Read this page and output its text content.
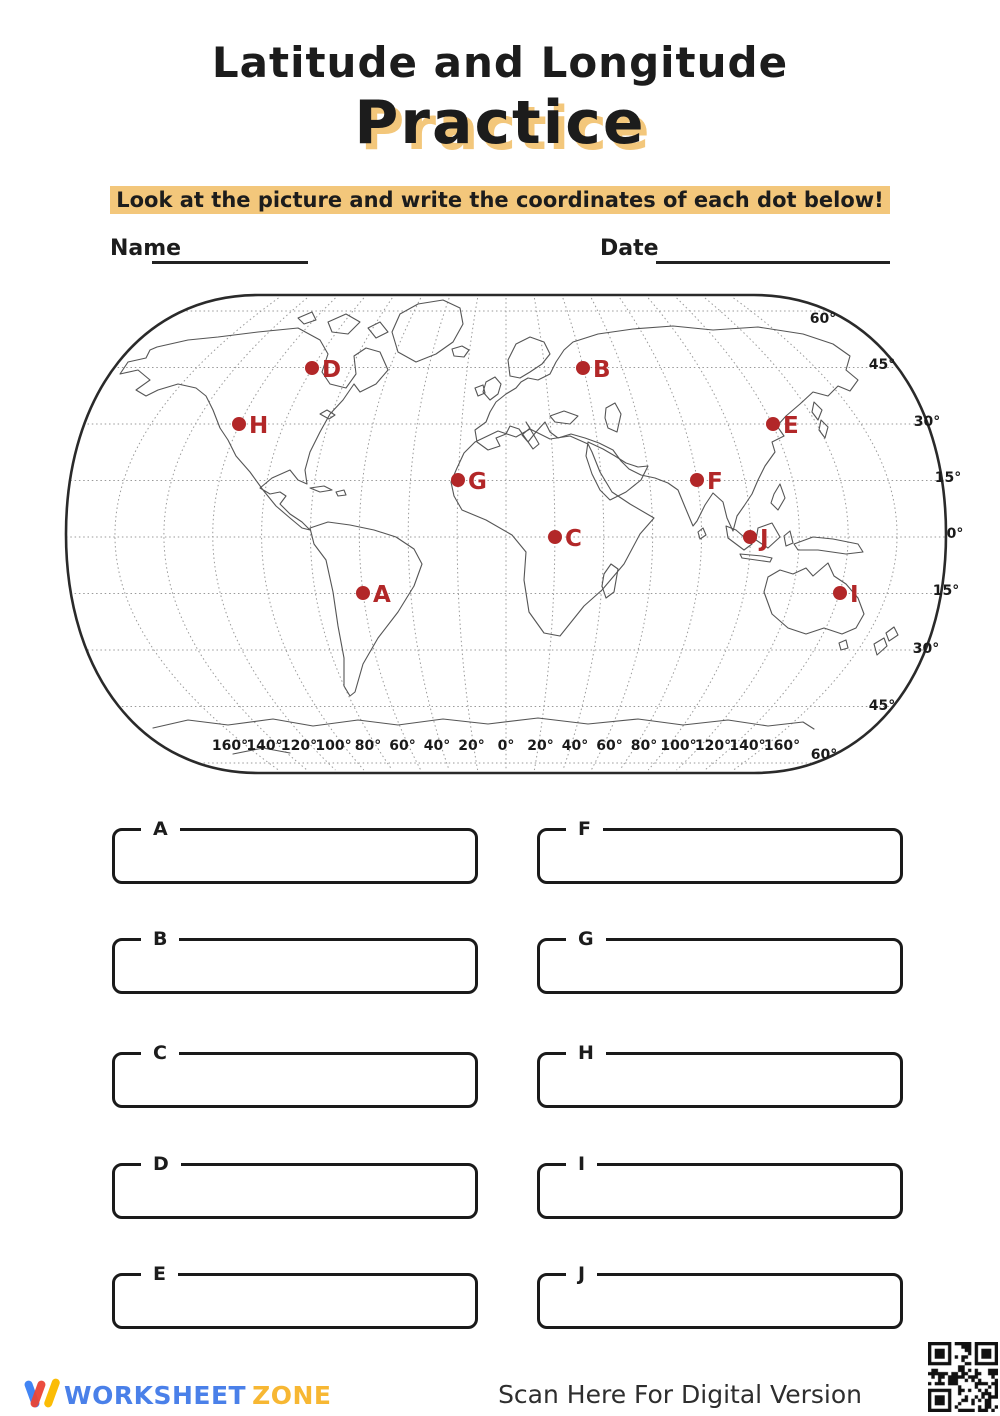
Latitude and Longitude
Practice
Look at the picture and write the coordinates of each dot below!
Name	Date
A
B
C
D
E
F
G
H
I
J
60°
45°
30°
15°
0°
15°
30°
45°
60°
160°
140°
120°
100° 80° 60° 40° 20° 0° 20° 40° 60° 80° 100°
120°
140°
160°
A
B
C
D
E
F
G
H
I
J
WORKSHEET ZONE	Scan Here For Digital Version
